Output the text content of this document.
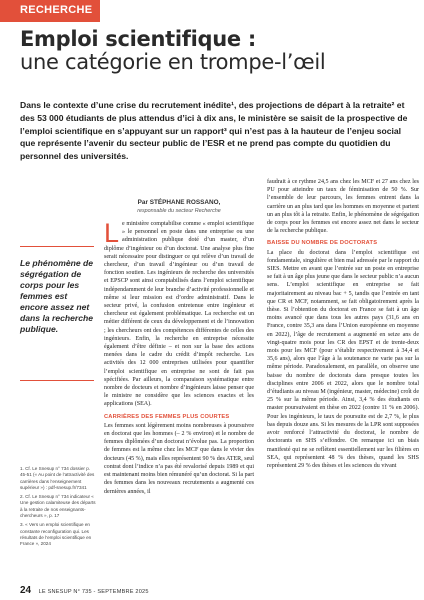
RECHERCHE
Emploi scientifique :
une catégorie en trompe-l’œil

Dans le contexte d’une crise du recrutement inédite¹, des projections de départ à la retraite² et des 53 000 étudiants de plus attendus d’ici à dix ans, le ministère se saisit de la prospective de l’emploi scientifique en s’appuyant sur un rapport³ qui n’est pas à la hauteur de l’enjeu social que représente l’avenir du secteur public de l’ESR et ne prend pas compte du quotidien du personnel des universités.

Par STÉPHANE ROSSANO,
responsable du secteur Recherche

Le phénomène de ségrégation de corps pour les femmes est encore assez net dans la recherche publique.

Le ministère comptabilise comme « emploi scientifique » le personnel en poste dans une entreprise ou une administration publique doté d’un master, d’un diplôme d’ingénieur ou d’un doctorat. Une analyse plus fine serait nécessaire pour distinguer ce qui relève d’un travail de chercheur, d’un travail d’ingénieur ou d’un travail de fonction soutien. Les ingénieurs de recherche des universités et EPSCP sont ainsi comptabilisés dans l’emploi scientifique indépendamment de leur branche d’activité professionnelle et même si leur mission est d’ordre administratif. Dans le secteur privé, la confusion entretenue entre ingénieur et chercheur est également problématique. La recherche est un métier différent de ceux du développement et de l’innovation ; les chercheurs ont des compétences différentes de celles des ingénieurs. Enfin, la recherche en entreprise nécessite également d’être définie – et non sur la base des actions menées dans le cadre du crédit d’impôt recherche. Les activités des 12 000 entreprises utilisées pour quantifier l’emploi scientifique en entreprise ne sont de fait pas spécifiées. Par ailleurs, la comparaison systématique entre nombre de docteurs et nombre d’ingénieurs laisse penser que le ministre ne considère que les sciences exactes et les applications (SEA).

CARRIÈRES DES FEMMES PLUS COURTES

Les femmes sont légèrement moins nombreuses à poursuivre en doctorat que les hommes (– 2 % environ) et le nombre de femmes diplômées d’un doctorat n’évolue pas. La proportion de femmes est la même chez les MCF que dans le vivier des docteurs (45 %), mais elles représentent 90 % des ATER, seul contrat dont l’indice n’a pas été revalorisé depuis 1989 et qui est maintenant moins bien rémunéré qu’un doctorat. Si la part des femmes dans les nouveaux recrutements a augmenté ces dernières années, il

faudrait à ce rythme 24,5 ans chez les MCF et 27 ans chez les PU pour atteindre un taux de féminisation de 50 %. Sur l’ensemble de leur parcours, les femmes entrent dans la carrière un an plus tard que les hommes en moyenne et partent un an plus tôt à la retraite. Enfin, le phénomène de ségrégation de corps pour les femmes est encore assez net dans le secteur de la recherche publique.

BAISSE DU NOMBRE DE DOCTORATS

La place du doctorat dans l’emploi scientifique est fondamentale, singulière et bien mal adressée par le rapport du SIES. Mettre en avant que l’entrée sur un poste en entreprise se fait à un âge plus jeune que dans le secteur public n’a aucun sens. L’emploi scientifique en entreprise se fait majoritairement au niveau bac + 5, tandis que l’entrée en tant que CR et MCF, notamment, se fait obligatoirement après la thèse. Si l’obtention du doctorat en France se fait à un âge moins avancé que dans tous les autres pays (31,6 ans en France, contre 35,3 ans dans l’Union européenne en moyenne en 2022), l’âge de recrutement a augmenté en seize ans de vingt-quatre mois pour les CR des EPST et de trente-deux mois pour les MCF (pour s’établir respectivement à 34,4 et 35,6 ans), alors que l’âge à la soutenance ne varie pas sur la même période. Paradoxalement, en parallèle, on observe une baisse du nombre de doctorats dans presque toutes les disciplines entre 2006 et 2022, alors que le nombre total d’étudiants au niveau M (ingénieur, master, médecine) croît de 25 % sur la même période. Ainsi, 3,4 % des étudiants en master poursuivaient en thèse en 2022 (contre 11 % en 2006). Pour les ingénieurs, le taux de poursuite est de 2,7 %, le plus bas depuis douze ans. Si les mesures de la LPR sont supposées avoir renforcé l’attractivité du doctorat, le nombre de doctorants en SHS s’effondre. On remarque ici un biais manifesté qui ne se reflètent essentiellement sur les filières en SEA, qui représentent 48 % des thèses, quand les SHS représentent 29 % des thèses et les sciences du vivant

1. Cf. Le Snesup n° 734 dossier p. 45-51 (« Au point de l’attractivité des carrières dans l’enseignement supérieur ») : pdf-snesup.fr/7341

2. Cf. Le Snesup n° 734 indicateur « Une gestion calamiteuse des départs à la retraite de nos enseignants-chercheurs », p. 17

3. « Vers un emploi scientifique en constante reconfiguration qui. Les résultats de l’emploi scientifique en France », 2024

24 LE SNESUP N° 735 - SEPTEMBRE 2025
